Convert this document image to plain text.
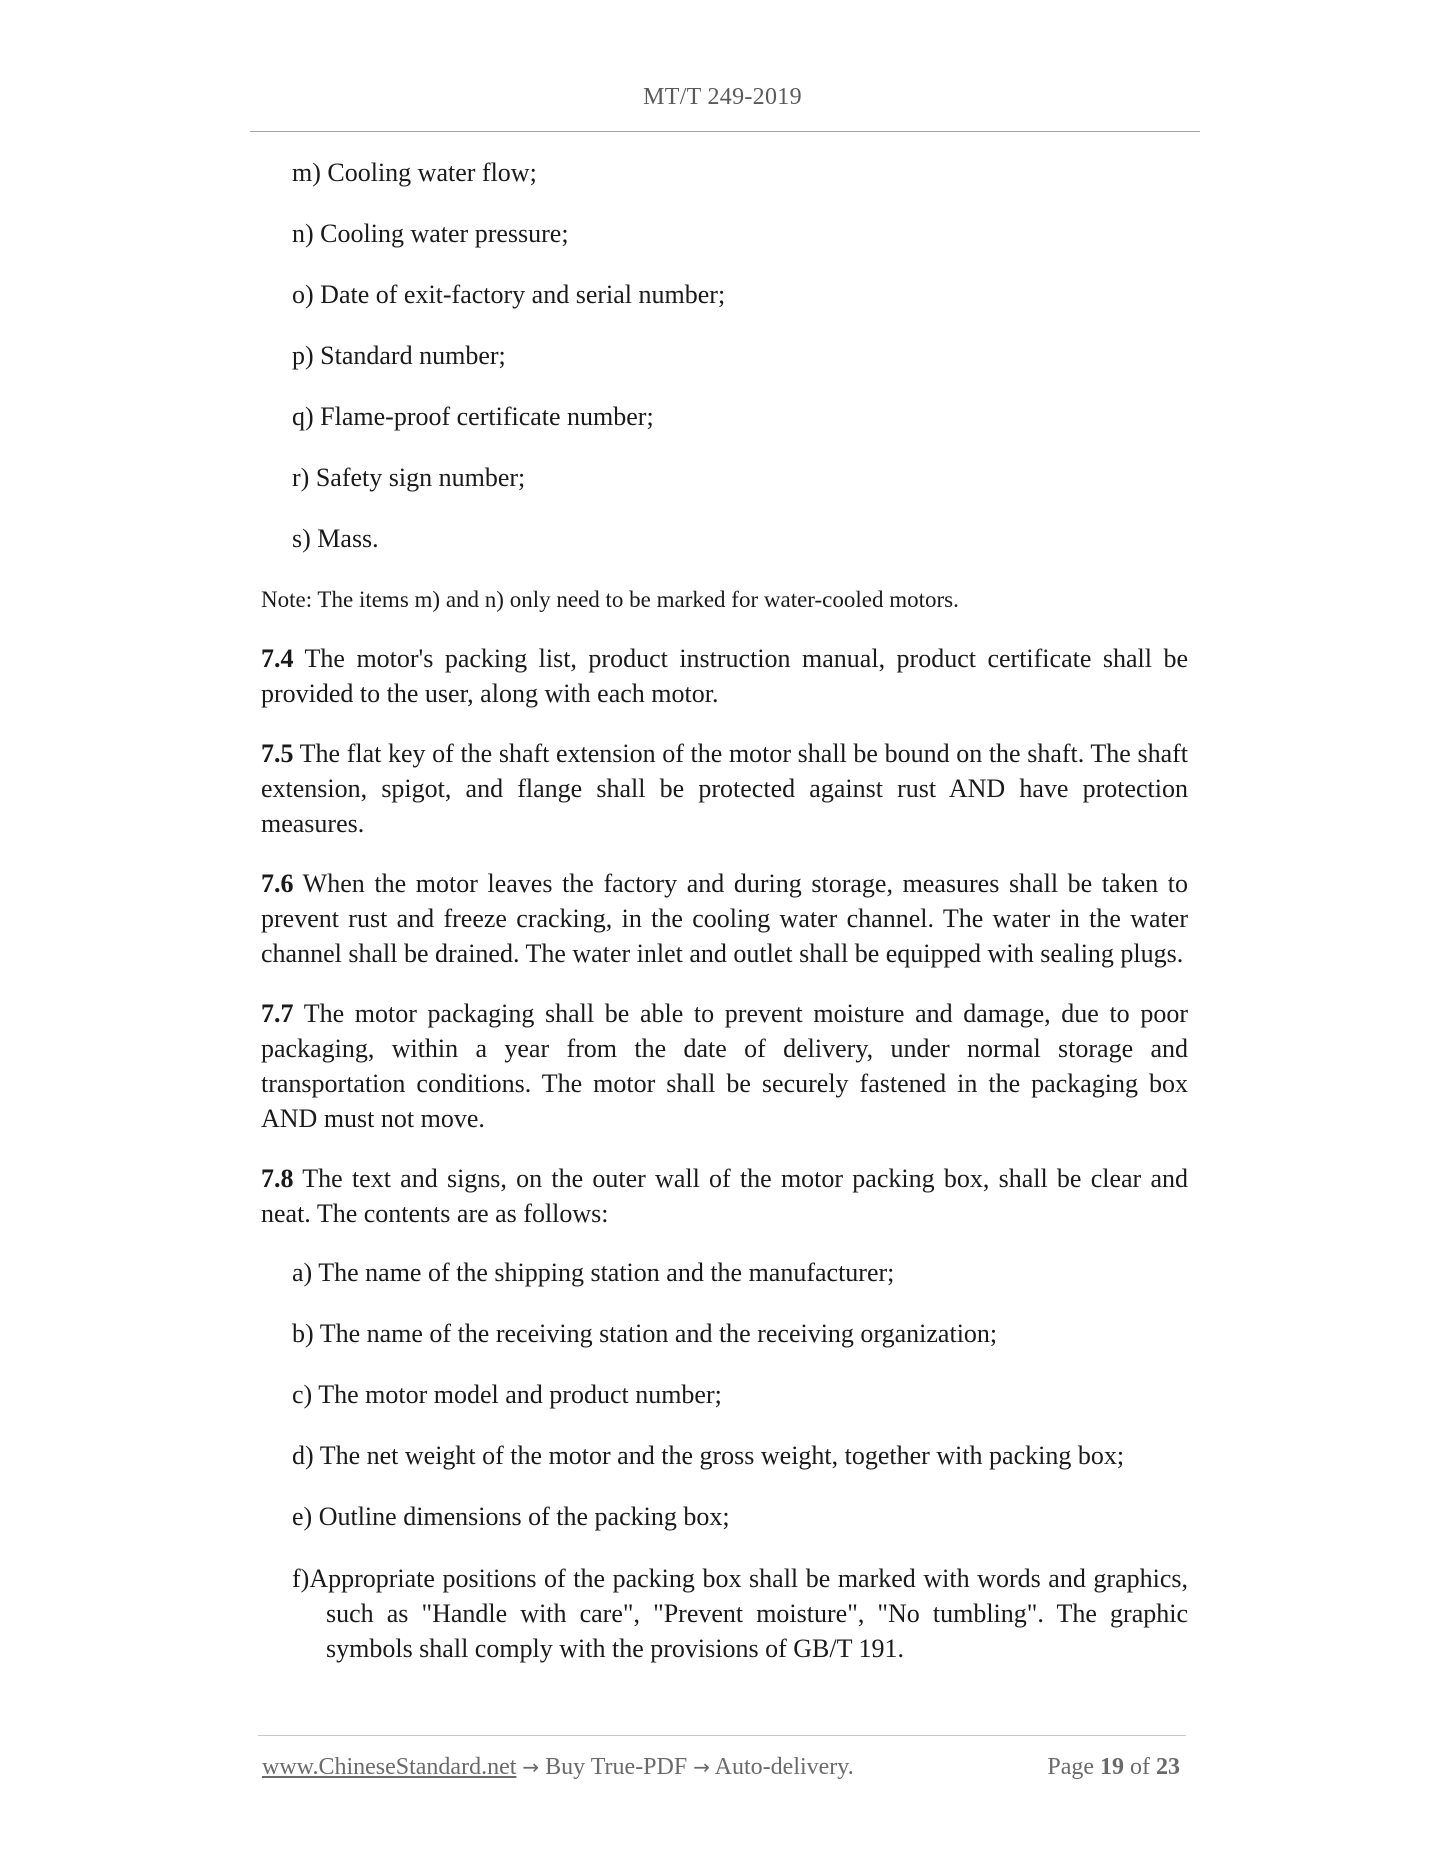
MT/T 249-2019
m) Cooling water flow;
n) Cooling water pressure;
o) Date of exit-factory and serial number;
p) Standard number;
q) Flame-proof certificate number;
r) Safety sign number;
s) Mass.
Note: The items m) and n) only need to be marked for water-cooled motors.
7.4 The motor's packing list, product instruction manual, product certificate shall be provided to the user, along with each motor.
7.5 The flat key of the shaft extension of the motor shall be bound on the shaft. The shaft extension, spigot, and flange shall be protected against rust AND have protection measures.
7.6 When the motor leaves the factory and during storage, measures shall be taken to prevent rust and freeze cracking, in the cooling water channel. The water in the water channel shall be drained. The water inlet and outlet shall be equipped with sealing plugs.
7.7 The motor packaging shall be able to prevent moisture and damage, due to poor packaging, within a year from the date of delivery, under normal storage and transportation conditions. The motor shall be securely fastened in the packaging box AND must not move.
7.8 The text and signs, on the outer wall of the motor packing box, shall be clear and neat. The contents are as follows:
a) The name of the shipping station and the manufacturer;
b) The name of the receiving station and the receiving organization;
c) The motor model and product number;
d) The net weight of the motor and the gross weight, together with packing box;
e) Outline dimensions of the packing box;
f)Appropriate positions of the packing box shall be marked with words and graphics, such as "Handle with care", "Prevent moisture", "No tumbling". The graphic symbols shall comply with the provisions of GB/T 191.
www.ChineseStandard.net → Buy True-PDF → Auto-delivery.	Page 19 of 23
